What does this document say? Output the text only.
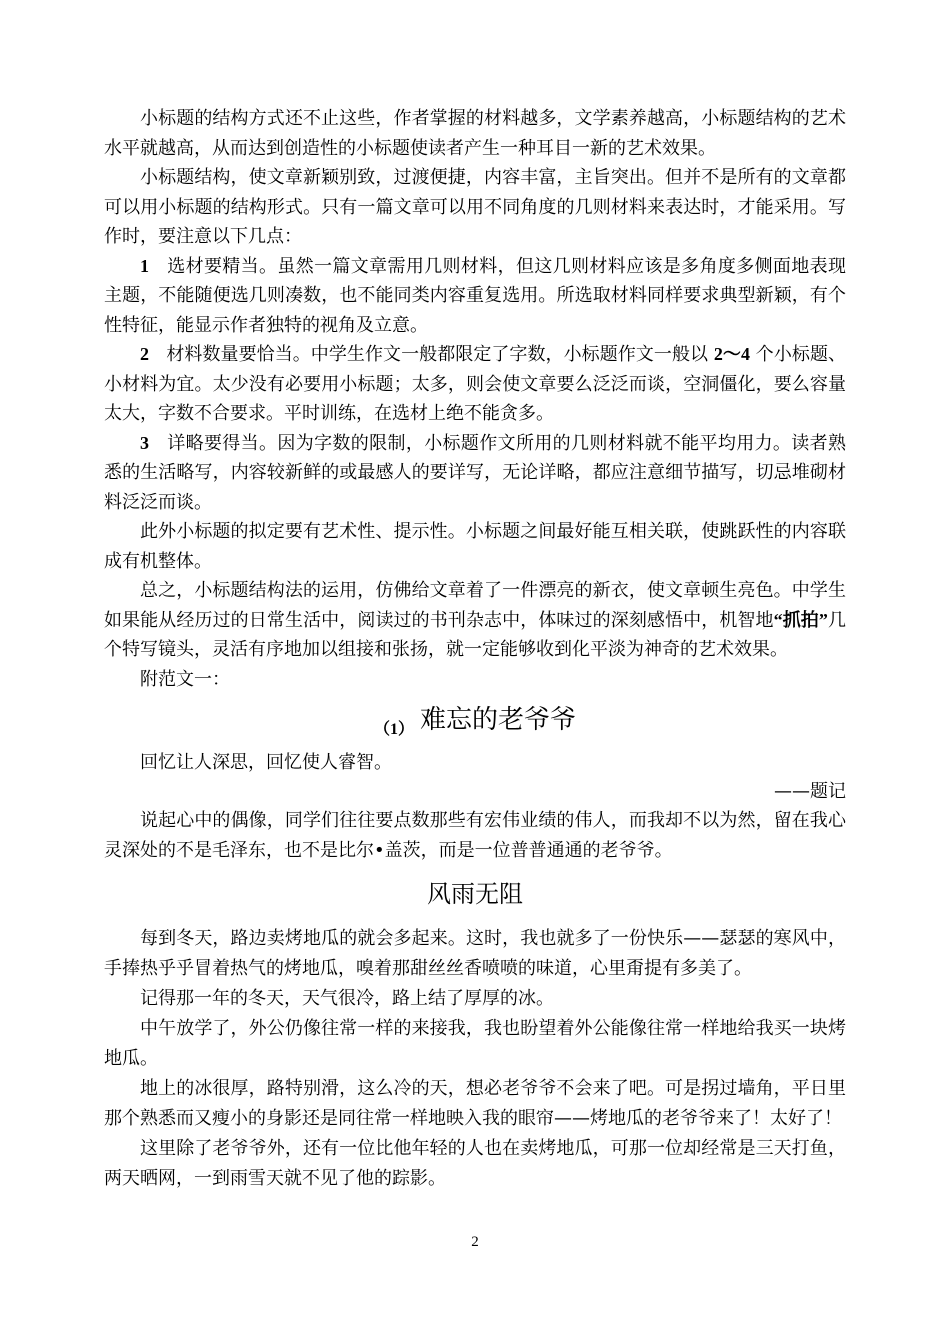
小标题的结构方式还不止这些，作者掌握的材料越多，文学素养越高，小标题结构的艺术水平就越高，从而达到创造性的小标题使读者产生一种耳目一新的艺术效果。

小标题结构，使文章新颖别致，过渡便捷，内容丰富，主旨突出。但并不是所有的文章都可以用小标题的结构形式。只有一篇文章可以用不同角度的几则材料来表达时，才能采用。写作时，要注意以下几点：

1 选材要精当。虽然一篇文章需用几则材料，但这几则材料应该是多角度多侧面地表现主题，不能随便选几则凑数，也不能同类内容重复选用。所选取材料同样要求典型新颖，有个性特征，能显示作者独特的视角及立意。

2 材料数量要恰当。中学生作文一般都限定了字数，小标题作文一般以 2～4 个小标题、小材料为宜。太少没有必要用小标题；太多，则会使文章要么泛泛而谈，空洞僵化，要么容量太大，字数不合要求。平时训练，在选材上绝不能贪多。

3 详略要得当。因为字数的限制，小标题作文所用的几则材料就不能平均用力。读者熟悉的生活略写，内容较新鲜的或最感人的要详写，无论详略，都应注意细节描写，切忌堆砌材料泛泛而谈。

此外小标题的拟定要有艺术性、提示性。小标题之间最好能互相关联，使跳跃性的内容联成有机整体。

总之，小标题结构法的运用，仿佛给文章着了一件漂亮的新衣，使文章顿生亮色。中学生如果能从经历过的日常生活中，阅读过的书刊杂志中，体味过的深刻感悟中，机智地“抓拍”几个特写镜头，灵活有序地加以组接和张扬，就一定能够收到化平淡为神奇的艺术效果。

附范文一：

（1） 难忘的老爷爷

回忆让人深思，回忆使人睿智。

——题记

说起心中的偶像，同学们往往要点数那些有宏伟业绩的伟人，而我却不以为然，留在我心灵深处的不是毛泽东，也不是比尔•盖茨，而是一位普普通通的老爷爷。

风雨无阻

每到冬天，路边卖烤地瓜的就会多起来。这时，我也就多了一份快乐——瑟瑟的寒风中，手捧热乎乎冒着热气的烤地瓜，嗅着那甜丝丝香喷喷的味道，心里甭提有多美了。

记得那一年的冬天，天气很冷，路上结了厚厚的冰。

中午放学了，外公仍像往常一样的来接我，我也盼望着外公能像往常一样地给我买一块烤地瓜。

地上的冰很厚，路特别滑，这么冷的天，想必老爷爷不会来了吧。可是拐过墙角，平日里那个熟悉而又瘦小的身影还是同往常一样地映入我的眼帘——烤地瓜的老爷爷来了！太好了！

这里除了老爷爷外，还有一位比他年轻的人也在卖烤地瓜，可那一位却经常是三天打鱼，两天晒网，一到雨雪天就不见了他的踪影。

2
